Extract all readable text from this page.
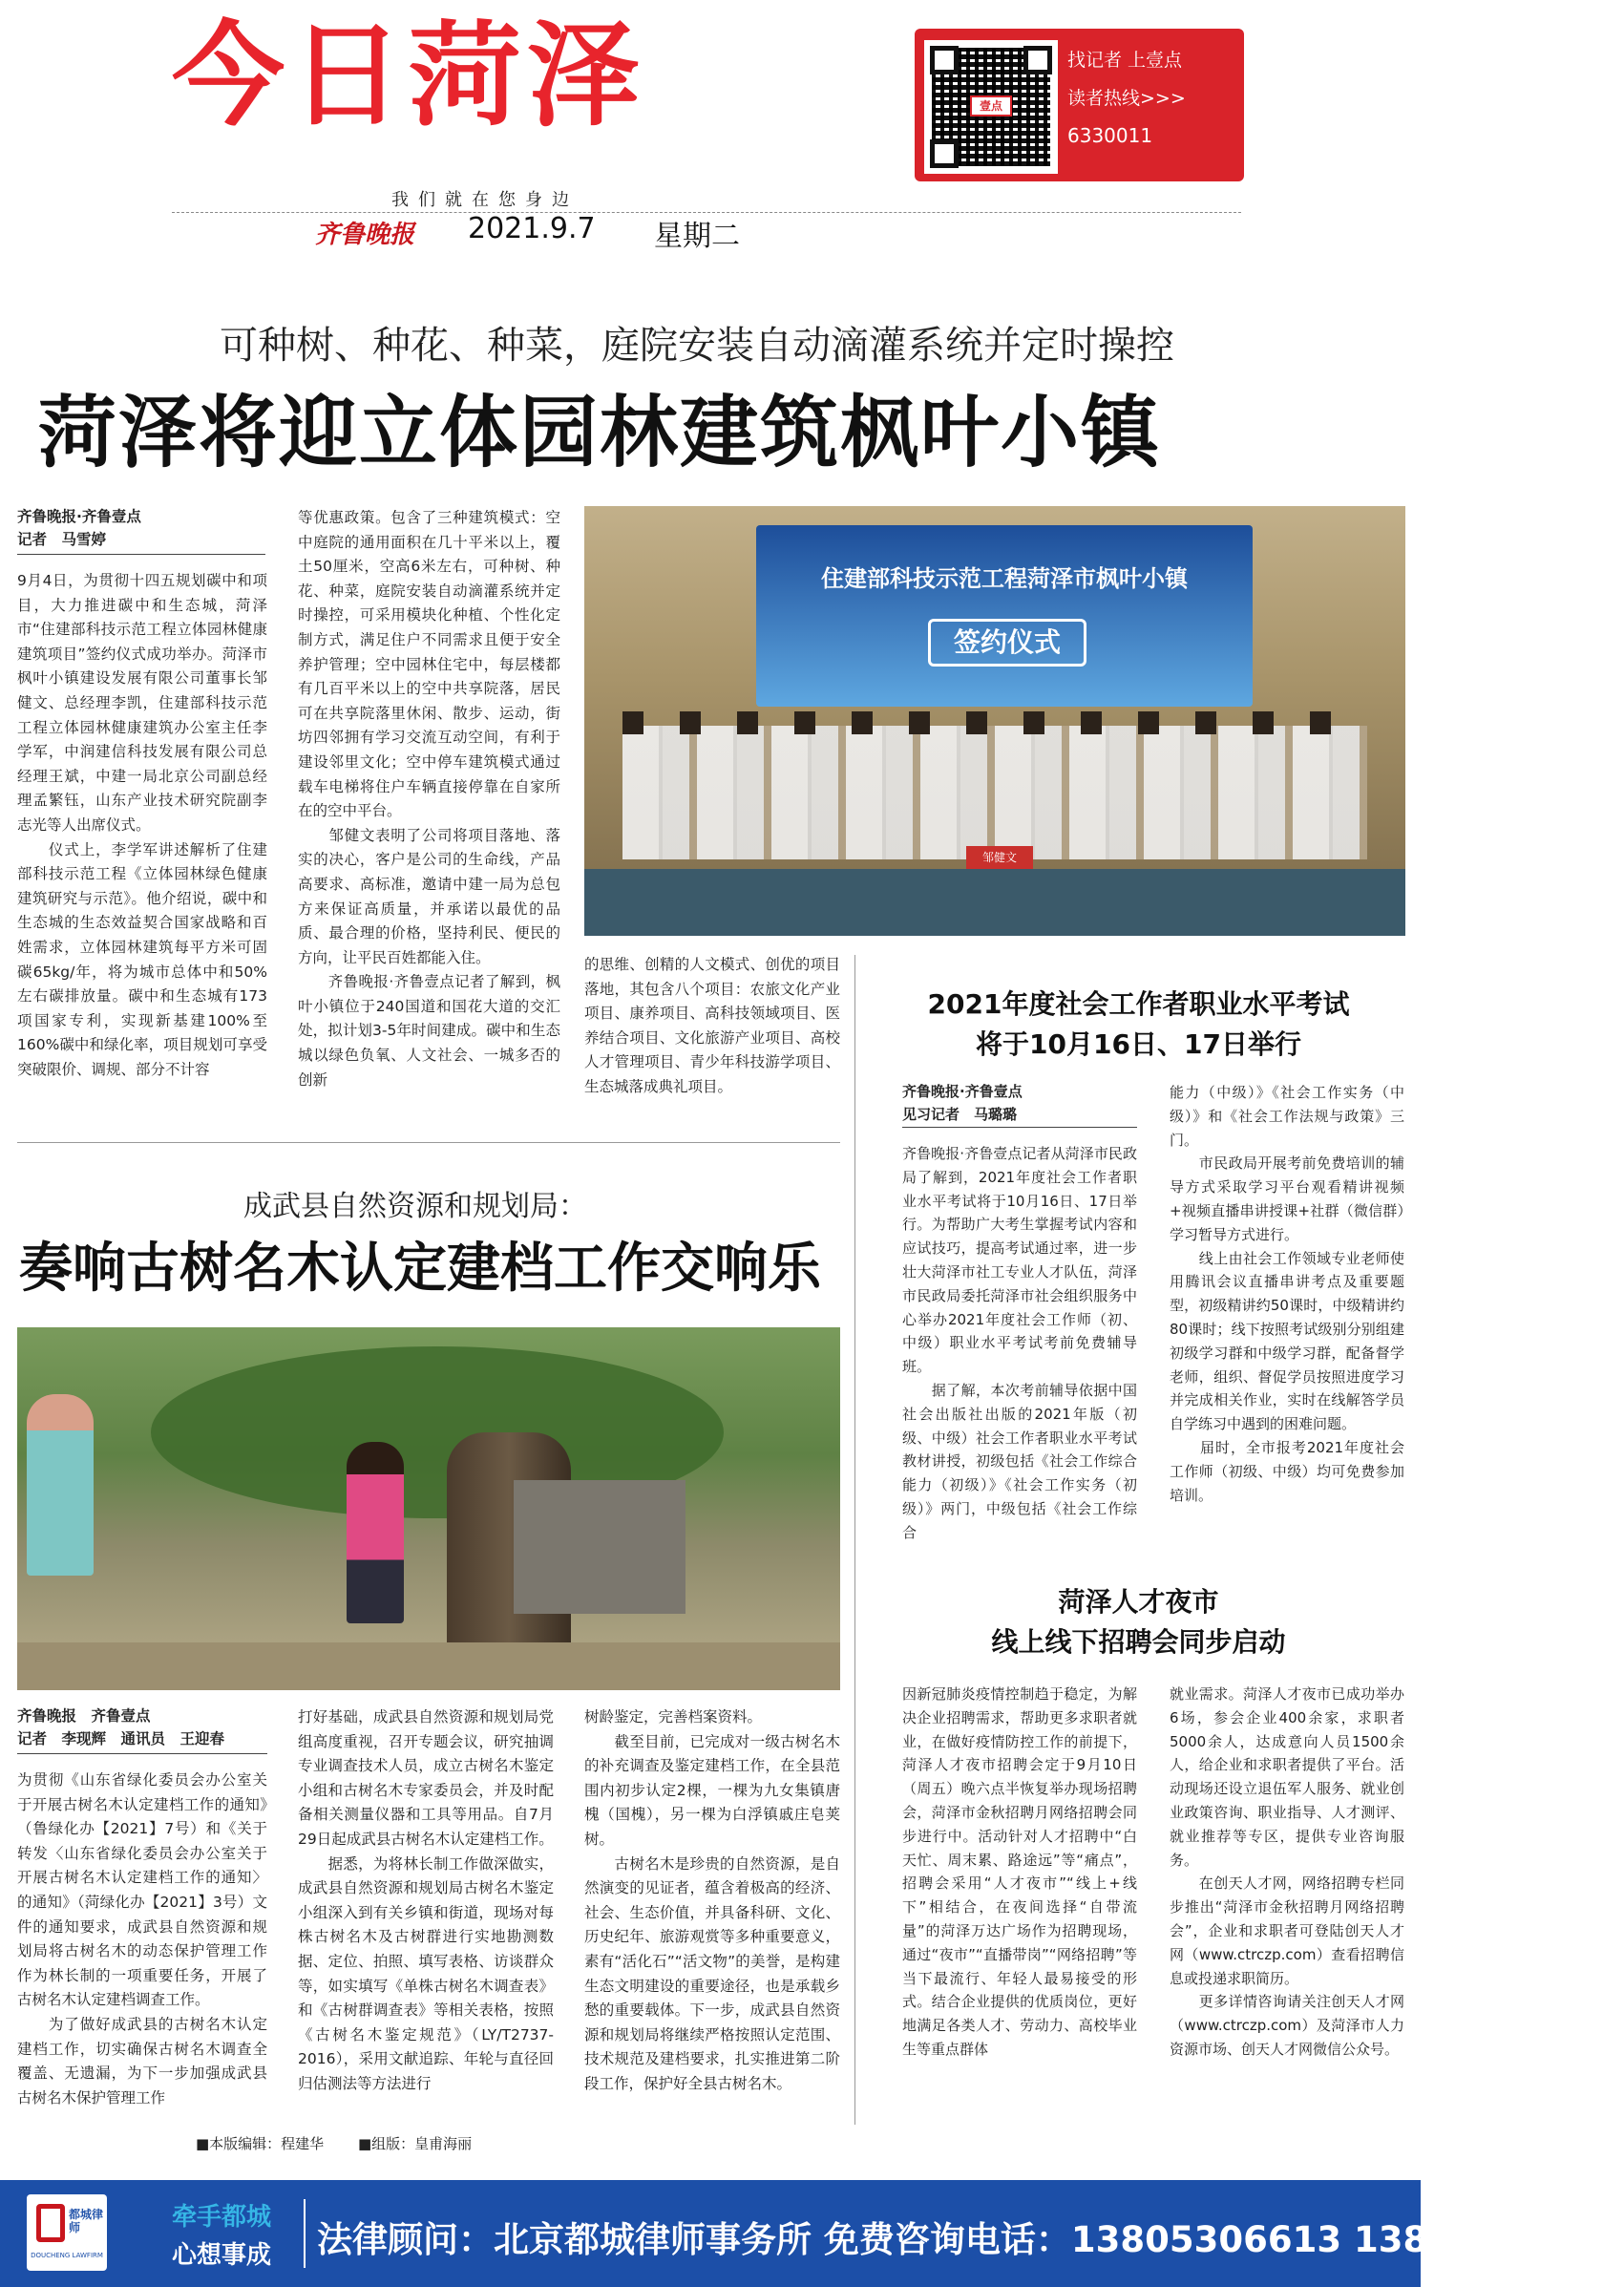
今日菏泽	壹点
找记者 上壹点
读者热线>>>
6330011
我们就在您身边
齐鲁晚报 2021.9.7 星期二
可种树、种花、种菜，庭院安装自动滴灌系统并定时操控
菏泽将迎立体园林建筑枫叶小镇
齐鲁晚报·齐鲁壹点
记者　马雪婷
9月4日，为贯彻十四五规划碳中和项目，大力推进碳中和生态城，菏泽市“住建部科技示范工程立体园林健康建筑项目”签约仪式成功举办。菏泽市枫叶小镇建设发展有限公司董事长邹健文、总经理李凯，住建部科技示范工程立体园林健康建筑办公室主任李学军，中润建信科技发展有限公司总经理王斌，中建一局北京公司副总经理孟繁钰，山东产业技术研究院副李志光等人出席仪式。
　　仪式上，李学军讲述解析了住建部科技示范工程《立体园林绿色健康建筑研究与示范》。他介绍说，碳中和生态城的生态效益契合国家战略和百姓需求，立体园林建筑每平方米可固碳65kg/年，将为城市总体中和50%左右碳排放量。碳中和生态城有173项国家专利，实现新基建100%至160%碳中和绿化率，项目规划可享受突破限价、调规、部分不计容
等优惠政策。包含了三种建筑模式：空中庭院的通用面积在几十平米以上，覆土50厘米，空高6米左右，可种树、种花、种菜，庭院安装自动滴灌系统并定时操控，可采用模块化种植、个性化定制方式，满足住户不同需求且便于安全养护管理；空中园林住宅中，每层楼都有几百平米以上的空中共享院落，居民可在共享院落里休闲、散步、运动，街坊四邻拥有学习交流互动空间，有利于建设邻里文化；空中停车建筑模式通过载车电梯将住户车辆直接停靠在自家所在的空中平台。
　　邹健文表明了公司将项目落地、落实的决心，客户是公司的生命线，产品高要求、高标准，邀请中建一局为总包方来保证高质量，并承诺以最优的品质、最合理的价格，坚持利民、便民的方向，让平民百姓都能入住。
　　齐鲁晚报·齐鲁壹点记者了解到，枫叶小镇位于240国道和国花大道的交汇处，拟计划3-5年时间建成。碳中和生态城以绿色负氧、人文社会、一城多否的创新
的思维、创精的人文模式、创优的项目落地，其包含八个项目：农旅文化产业项目、康养项目、高科技领域项目、医养结合项目、文化旅游产业项目、高校人才管理项目、青少年科技游学项目、生态城落成典礼项目。
住建部科技示范工程菏泽市枫叶小镇
签约仪式
邹健文
2021年度社会工作者职业水平考试
将于10月16日、17日举行
齐鲁晚报·齐鲁壹点
见习记者　马璐璐
齐鲁晚报·齐鲁壹点记者从菏泽市民政局了解到，2021年度社会工作者职业水平考试将于10月16日、17日举行。为帮助广大考生掌握考试内容和应试技巧，提高考试通过率，进一步壮大菏泽市社工专业人才队伍，菏泽市民政局委托菏泽市社会组织服务中心举办2021年度社会工作师（初、中级）职业水平考试考前免费辅导班。
　　据了解，本次考前辅导依据中国社会出版社出版的2021年版（初级、中级）社会工作者职业水平考试教材讲授，初级包括《社会工作综合能力（初级）》《社会工作实务（初级）》两门，中级包括《社会工作综合
能力（中级）》《社会工作实务（中级）》和《社会工作法规与政策》三门。
　　市民政局开展考前免费培训的辅导方式采取学习平台观看精讲视频+视频直播串讲授课+社群（微信群）学习暂导方式进行。
　　线上由社会工作领域专业老师使用腾讯会议直播串讲考点及重要题型，初级精讲约50课时，中级精讲约80课时；线下按照考试级别分别组建初级学习群和中级学习群，配备督学老师，组织、督促学员按照进度学习并完成相关作业，实时在线解答学员自学练习中遇到的困难问题。
　　届时，全市报考2021年度社会工作师（初级、中级）均可免费参加培训。
菏泽人才夜市
线上线下招聘会同步启动
因新冠肺炎疫情控制趋于稳定，为解决企业招聘需求，帮助更多求职者就业，在做好疫情防控工作的前提下，菏泽人才夜市招聘会定于9月10日（周五）晚六点半恢复举办现场招聘会，菏泽市金秋招聘月网络招聘会同步进行中。活动针对人才招聘中“白天忙、周末累、路途远”等“痛点”，招聘会采用“人才夜市”“线上+线下”相结合，在夜间选择“自带流量”的菏泽万达广场作为招聘现场，通过“夜市”“直播带岗”“网络招聘”等当下最流行、年轻人最易接受的形式。结合企业提供的优质岗位，更好地满足各类人才、劳动力、高校毕业生等重点群体
就业需求。菏泽人才夜市已成功举办6场，参会企业400余家，求职者5000余人，达成意向人员1500余人，给企业和求职者提供了平台。活动现场还设立退伍军人服务、就业创业政策咨询、职业指导、人才测评、就业推荐等专区，提供专业咨询服务。
　　在创天人才网，网络招聘专栏同步推出“菏泽市金秋招聘月网络招聘会”，企业和求职者可登陆创天人才网（www.ctrczp.com）查看招聘信息或投递求职简历。
　　更多详情咨询请关注创天人才网（www.ctrczp.com）及菏泽市人力资源市场、创天人才网微信公众号。
成武县自然资源和规划局：
奏响古树名木认定建档工作交响乐
齐鲁晚报　齐鲁壹点
记者　李现辉　通讯员　王迎春
为贯彻《山东省绿化委员会办公室关于开展古树名木认定建档工作的通知》（鲁绿化办【2021】7号）和《关于转发〈山东省绿化委员会办公室关于开展古树名木认定建档工作的通知〉的通知》（菏绿化办【2021】3号）文件的通知要求，成武县自然资源和规划局将古树名木的动态保护管理工作作为林长制的一项重要任务，开展了古树名木认定建档调查工作。
　　为了做好成武县的古树名木认定建档工作，切实确保古树名木调查全覆盖、无遗漏，为下一步加强成武县古树名木保护管理工作
打好基础，成武县自然资源和规划局党组高度重视，召开专题会议，研究抽调专业调查技术人员，成立古树名木鉴定小组和古树名木专家委员会，并及时配备相关测量仪器和工具等用品。自7月29日起成武县古树名木认定建档工作。
　　据悉，为将林长制工作做深做实，成武县自然资源和规划局古树名木鉴定小组深入到有关乡镇和街道，现场对每株古树名木及古树群进行实地勘测数据、定位、拍照、填写表格、访谈群众等，如实填写《单株古树名木调查表》和《古树群调查表》等相关表格，按照《古树名木鉴定规范》（LY/T2737-2016），采用文献追踪、年轮与直径回归估测法等方法进行
树龄鉴定，完善档案资料。
　　截至目前，已完成对一级古树名木的补充调查及鉴定建档工作，在全县范围内初步认定2棵，一棵为九女集镇唐槐（国槐），另一棵为白浮镇戚庄皂荚树。
　　古树名木是珍贵的自然资源，是自然演变的见证者，蕴含着极高的经济、社会、生态价值，并具备科研、文化、历史纪年、旅游观赏等多种重要意义，素有“活化石”“活文物”的美誉，是构建生态文明建设的重要途径，也是承载乡愁的重要载体。下一步，成武县自然资源和规划局将继续严格按照认定范围、技术规范及建档要求，扎实推进第二阶段工作，保护好全县古树名木。
■本版编辑：程建华 ■组版：皇甫海丽
都城律师
DOUCHENG LAWFIRM
牵手都城
心想事成 法律顾问：北京都城律师事务所 免费咨询电话：13805306613 13801106613
